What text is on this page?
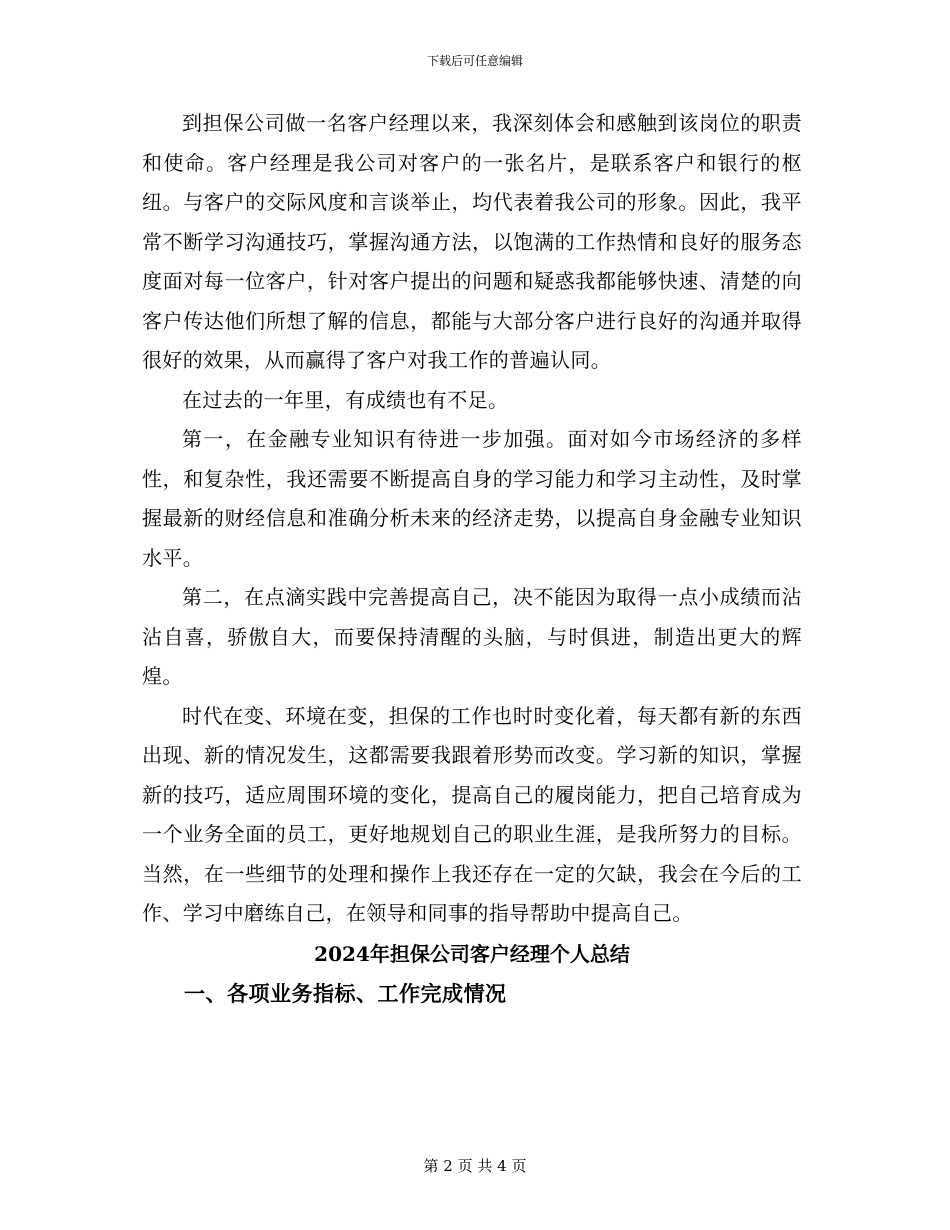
下载后可任意编辑

到担保公司做一名客户经理以来，我深刻体会和感触到该岗位的职责和使命。客户经理是我公司对客户的一张名片，是联系客户和银行的枢纽。与客户的交际风度和言谈举止，均代表着我公司的形象。因此，我平常不断学习沟通技巧，掌握沟通方法，以饱满的工作热情和良好的服务态度面对每一位客户，针对客户提出的问题和疑惑我都能够快速、清楚的向客户传达他们所想了解的信息，都能与大部分客户进行良好的沟通并取得很好的效果，从而赢得了客户对我工作的普遍认同。

在过去的一年里，有成绩也有不足。

第一，在金融专业知识有待进一步加强。面对如今市场经济的多样性，和复杂性，我还需要不断提高自身的学习能力和学习主动性，及时掌握最新的财经信息和准确分析未来的经济走势，以提高自身金融专业知识水平。

第二，在点滴实践中完善提高自己，决不能因为取得一点小成绩而沾沾自喜，骄傲自大，而要保持清醒的头脑，与时俱进，制造出更大的辉煌。

时代在变、环境在变，担保的工作也时时变化着，每天都有新的东西出现、新的情况发生，这都需要我跟着形势而改变。学习新的知识，掌握新的技巧，适应周围环境的变化，提高自己的履岗能力，把自己培育成为一个业务全面的员工，更好地规划自己的职业生涯，是我所努力的目标。当然，在一些细节的处理和操作上我还存在一定的欠缺，我会在今后的工作、学习中磨练自己，在领导和同事的指导帮助中提高自己。

2024年担保公司客户经理个人总结

一、各项业务指标、工作完成情况

第 2 页 共 4 页
